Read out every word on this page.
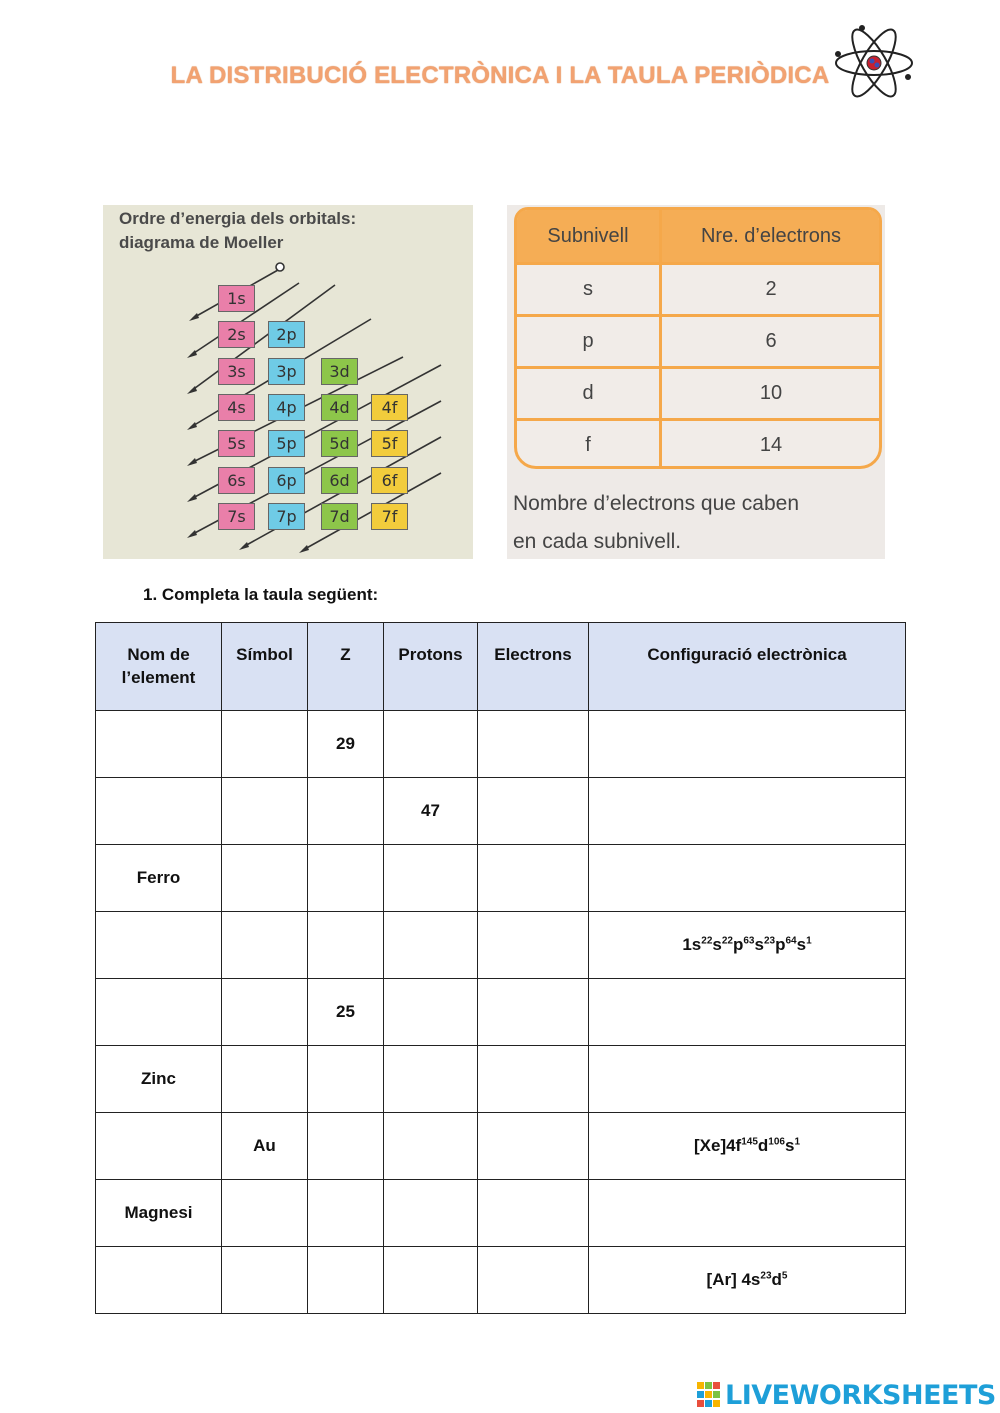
LA DISTRIBUCIÓ ELECTRÒNICA I LA TAULA PERIÒDICA
Ordre d’energia dels orbitals:
diagrama de Moeller
1s
2s
3s
4s
5s
6s
7s
2p
3p
4p
5p
6p
7p
3d
4d
5d
6d
7d
4f
5f
6f
7f
Subnivell	Nre. d’electrons
s	2
p	6
d	10
f	14
Nombre d’electrons que caben
en cada subnivell.
1. Completa la taula següent:
Nom de l’element	Símbol	Z	Protons	Electrons	Configuració electrònica
		29			
			47		
Ferro					
					$1s^{22}s^{22}p^{63}s^{23}p^{64}s^1$
		25			
Zinc					
	Au				$[Xe]4f^{145}d^{106}s^1$
Magnesi					
					[Ar] $4s^{23}d^5$
LIVEWORKSHEETS
